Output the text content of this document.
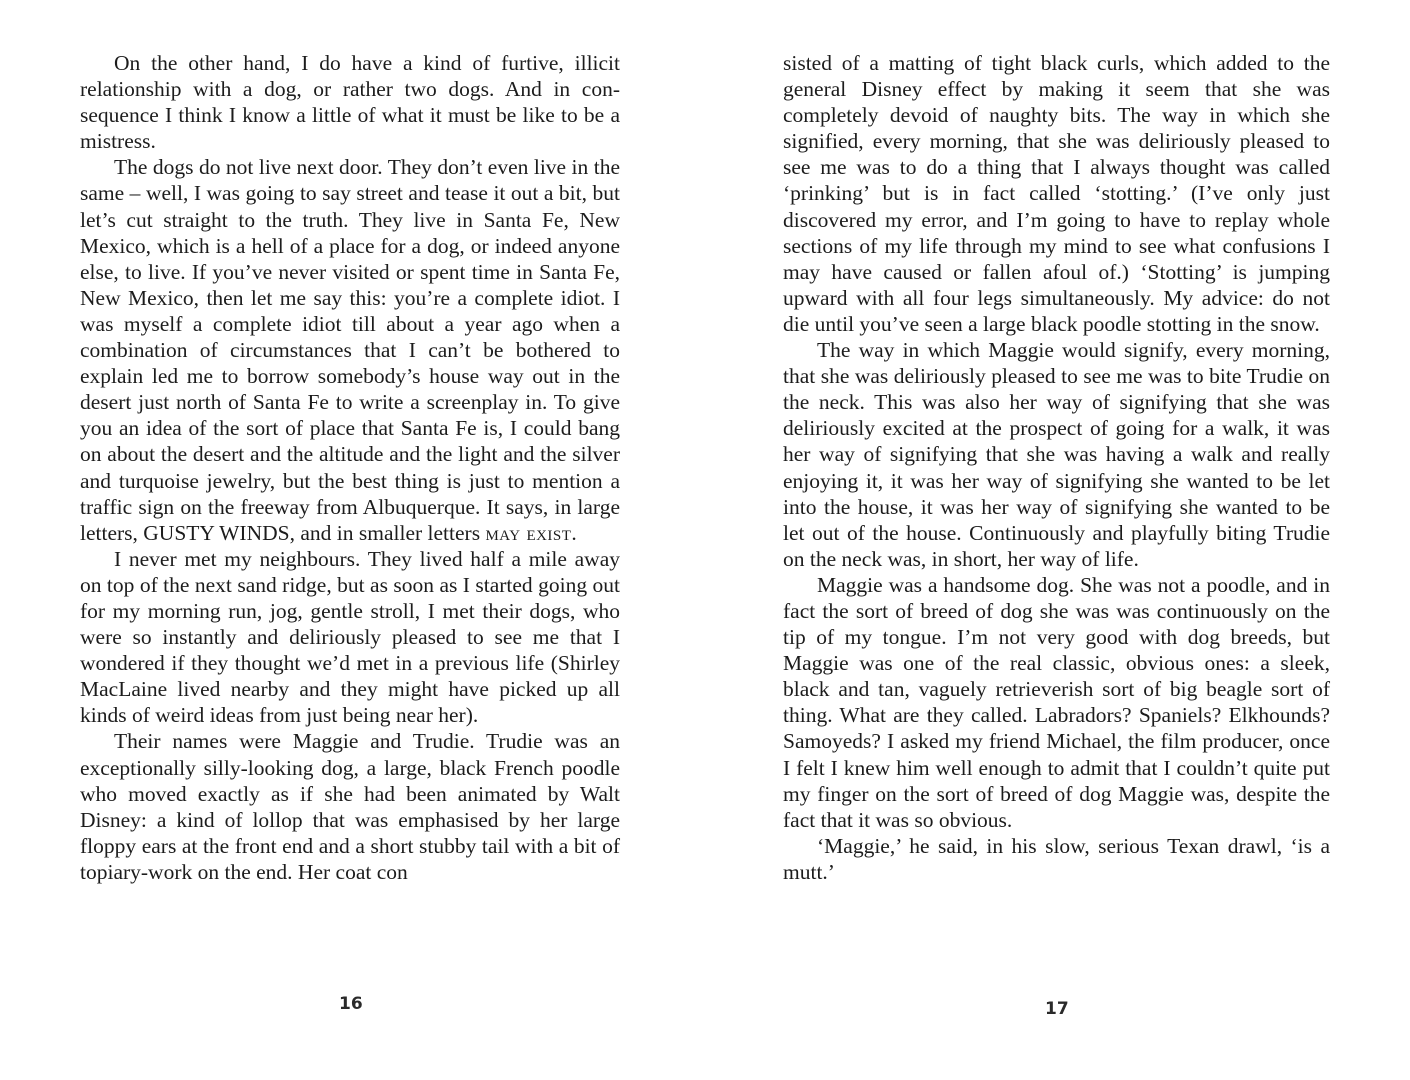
On the other hand, I do have a kind of furtive, illicit relationship with a dog, or rather two dogs. And in consequence I think I know a little of what it must be like to be a mistress.

The dogs do not live next door. They don’t even live in the same – well, I was going to say street and tease it out a bit, but let’s cut straight to the truth. They live in Santa Fe, New Mexico, which is a hell of a place for a dog, or indeed anyone else, to live. If you’ve never visited or spent time in Santa Fe, New Mexico, then let me say this: you’re a complete idiot. I was myself a complete idiot till about a year ago when a combination of circumstances that I can’t be bothered to explain led me to borrow somebody’s house way out in the desert just north of Santa Fe to write a screenplay in. To give you an idea of the sort of place that Santa Fe is, I could bang on about the desert and the altitude and the light and the silver and turquoise jewelry, but the best thing is just to mention a traffic sign on the freeway from Albuquerque. It says, in large letters, GUSTY WINDS, and in smaller letters may exist.

I never met my neighbours. They lived half a mile away on top of the next sand ridge, but as soon as I started going out for my morning run, jog, gentle stroll, I met their dogs, who were so instantly and deliriously pleased to see me that I wondered if they thought we’d met in a previous life (Shirley MacLaine lived nearby and they might have picked up all kinds of weird ideas from just being near her).

Their names were Maggie and Trudie. Trudie was an exceptionally silly-looking dog, a large, black French poodle who moved exactly as if she had been animated by Walt Disney: a kind of lollop that was emphasised by her large floppy ears at the front end and a short stubby tail with a bit of topiary-work on the end. Her coat con

16

sisted of a matting of tight black curls, which added to the general Disney effect by making it seem that she was completely devoid of naughty bits. The way in which she signified, every morning, that she was deliriously pleased to see me was to do a thing that I always thought was called ‘prinking’ but is in fact called ‘stotting.’ (I’ve only just discovered my error, and I’m going to have to replay whole sections of my life through my mind to see what confusions I may have caused or fallen afoul of.) ‘Stotting’ is jumping upward with all four legs simultaneously. My advice: do not die until you’ve seen a large black poodle stotting in the snow.

The way in which Maggie would signify, every morning, that she was deliriously pleased to see me was to bite Trudie on the neck. This was also her way of signifying that she was deliriously excited at the prospect of going for a walk, it was her way of signifying that she was having a walk and really enjoying it, it was her way of signifying she wanted to be let into the house, it was her way of signifying she wanted to be let out of the house. Continuously and playfully biting Trudie on the neck was, in short, her way of life.

Maggie was a handsome dog. She was not a poodle, and in fact the sort of breed of dog she was was continuously on the tip of my tongue. I’m not very good with dog breeds, but Maggie was one of the real classic, obvious ones: a sleek, black and tan, vaguely retrieverish sort of big beagle sort of thing. What are they called. Labradors? Spaniels? Elkhounds? Samoyeds? I asked my friend Michael, the film producer, once I felt I knew him well enough to admit that I couldn’t quite put my finger on the sort of breed of dog Maggie was, despite the fact that it was so obvious.

‘Maggie,’ he said, in his slow, serious Texan drawl, ‘is a mutt.’

17
